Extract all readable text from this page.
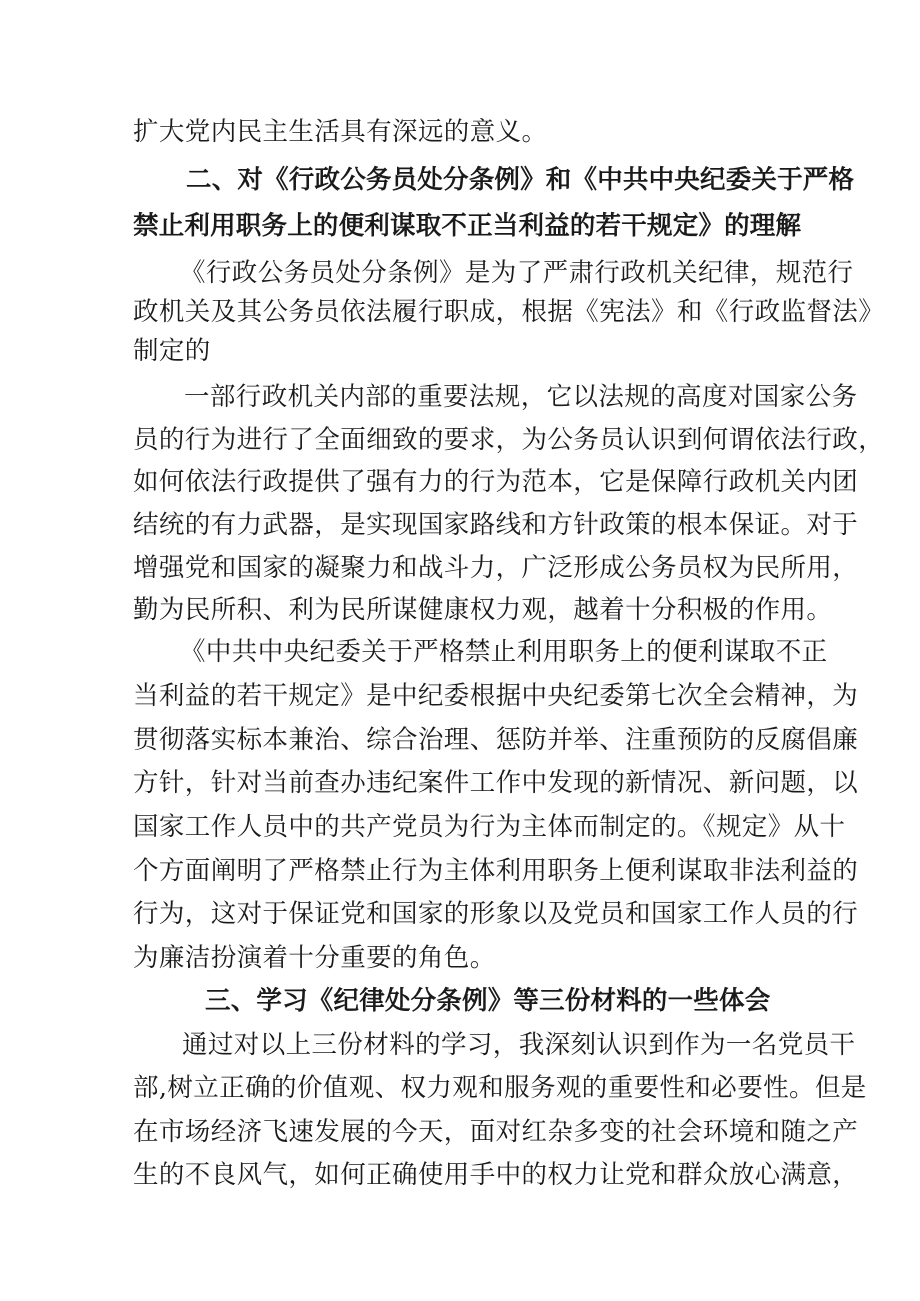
扩大党内民主生活具有深远的意义。
二、对《行政公务员处分条例》和《中共中央纪委关于严格
禁止利用职务上的便利谋取不正当利益的若干规定》的理解
《行政公务员处分条例》是为了严肃行政机关纪律，规范行
政机关及其公务员依法履行职成，根据《宪法》和《行政监督法》
制定的
一部行政机关内部的重要法规，它以法规的高度对国家公务
员的行为进行了全面细致的要求，为公务员认识到何谓依法行政，
如何依法行政提供了强有力的行为范本，它是保障行政机关内团
结统的有力武器，是实现国家路线和方针政策的根本保证。对于
增强党和国家的凝聚力和战斗力，广泛形成公务员权为民所用，
勤为民所积、利为民所谋健康权力观，越着十分积极的作用。
《中共中央纪委关于严格禁止利用职务上的便利谋取不正
当利益的若干规定》是中纪委根据中央纪委第七次全会精神，为
贯彻落实标本兼治、综合治理、惩防并举、注重预防的反腐倡廉
方针，针对当前查办违纪案件工作中发现的新情况、新问题，以
国家工作人员中的共产党员为行为主体而制定的。《规定》从十
个方面阐明了严格禁止行为主体利用职务上便利谋取非法利益的
行为，这对于保证党和国家的形象以及党员和国家工作人员的行
为廉洁扮演着十分重要的角色。
三、学习《纪律处分条例》等三份材料的一些体会
通过对以上三份材料的学习，我深刻认识到作为一名党员干
部,树立正确的价值观、权力观和服务观的重要性和必要性。但是
在市场经济飞速发展的今天，面对红杂多变的社会环境和随之产
生的不良风气，如何正确使用手中的权力让党和群众放心满意，
